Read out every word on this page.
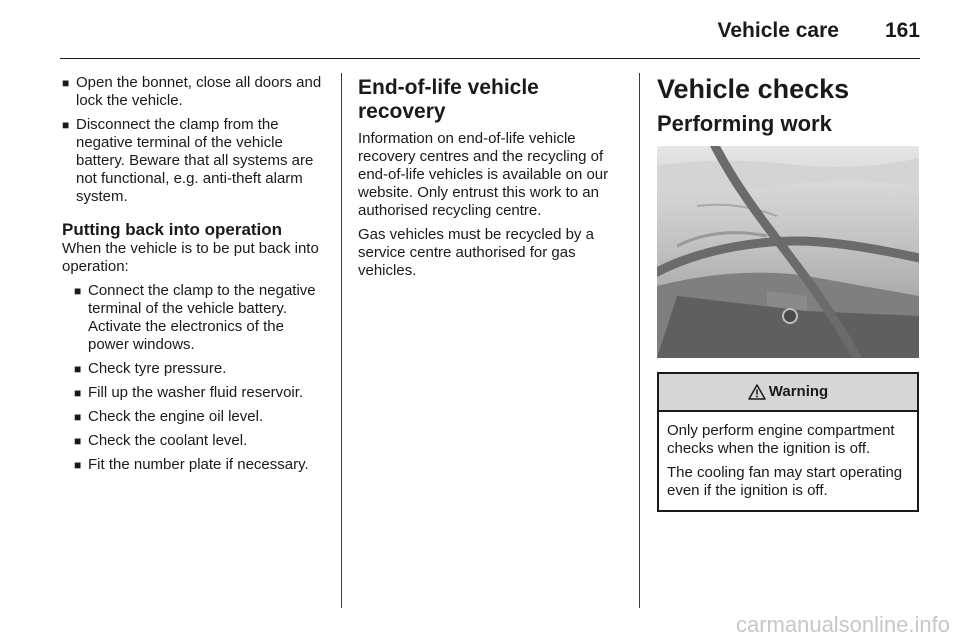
Vehicle care 161
■ Open the bonnet, close all doors and lock the vehicle.
■ Disconnect the clamp from the negative terminal of the vehicle battery. Beware that all systems are not functional, e.g. anti-theft alarm system.
Putting back into operation

When the vehicle is to be put back into operation:

■ Connect the clamp to the negative terminal of the vehicle battery. Activate the electronics of the power windows.
■ Check tyre pressure.
■ Fill up the washer fluid reservoir.
■ Check the engine oil level.
■ Check the coolant level.
■ Fit the number plate if necessary.
End-of-life vehicle recovery

Information on end-of-life vehicle recovery centres and the recycling of end-of-life vehicles is available on our website. Only entrust this work to an authorised recycling centre.

Gas vehicles must be recycled by a service centre authorised for gas vehicles.

Vehicle checks
Performing work
Warning

Only perform engine compartment checks when the ignition is off.

The cooling fan may start operating even if the ignition is off.

carmanualsonline.info
